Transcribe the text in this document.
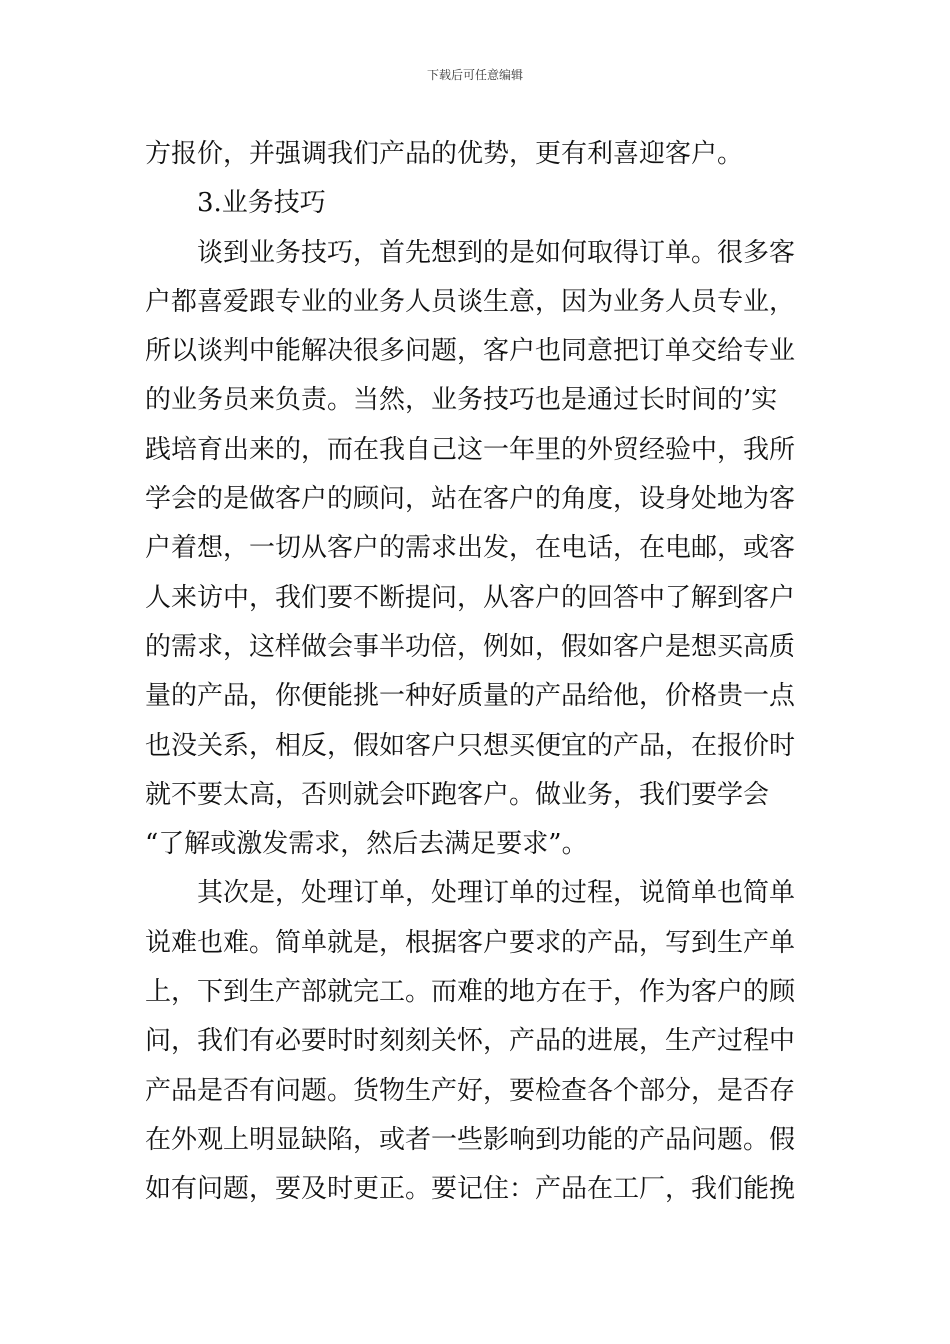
下载后可任意编辑
方报价，并强调我们产品的优势，更有利喜迎客户。
3.业务技巧
谈到业务技巧，首先想到的是如何取得订单。很多客
户都喜爱跟专业的业务人员谈生意，因为业务人员专业，
所以谈判中能解决很多问题，客户也同意把订单交给专业
的业务员来负责。当然，业务技巧也是通过长时间的’实
践培育出来的，而在我自己这一年里的外贸经验中，我所
学会的是做客户的顾问，站在客户的角度，设身处地为客
户着想，一切从客户的需求出发，在电话，在电邮，或客
人来访中，我们要不断提问，从客户的回答中了解到客户
的需求，这样做会事半功倍，例如，假如客户是想买高质
量的产品，你便能挑一种好质量的产品给他，价格贵一点
也没关系，相反，假如客户只想买便宜的产品，在报价时
就不要太高，否则就会吓跑客户。做业务，我们要学会
“了解或激发需求，然后去满足要求”。
其次是，处理订单，处理订单的过程，说简单也简单
说难也难。简单就是，根据客户要求的产品，写到生产单
上，下到生产部就完工。而难的地方在于，作为客户的顾
问，我们有必要时时刻刻关怀，产品的进展，生产过程中
产品是否有问题。货物生产好，要检查各个部分，是否存
在外观上明显缺陷，或者一些影响到功能的产品问题。假
如有问题，要及时更正。要记住：产品在工厂，我们能挽
